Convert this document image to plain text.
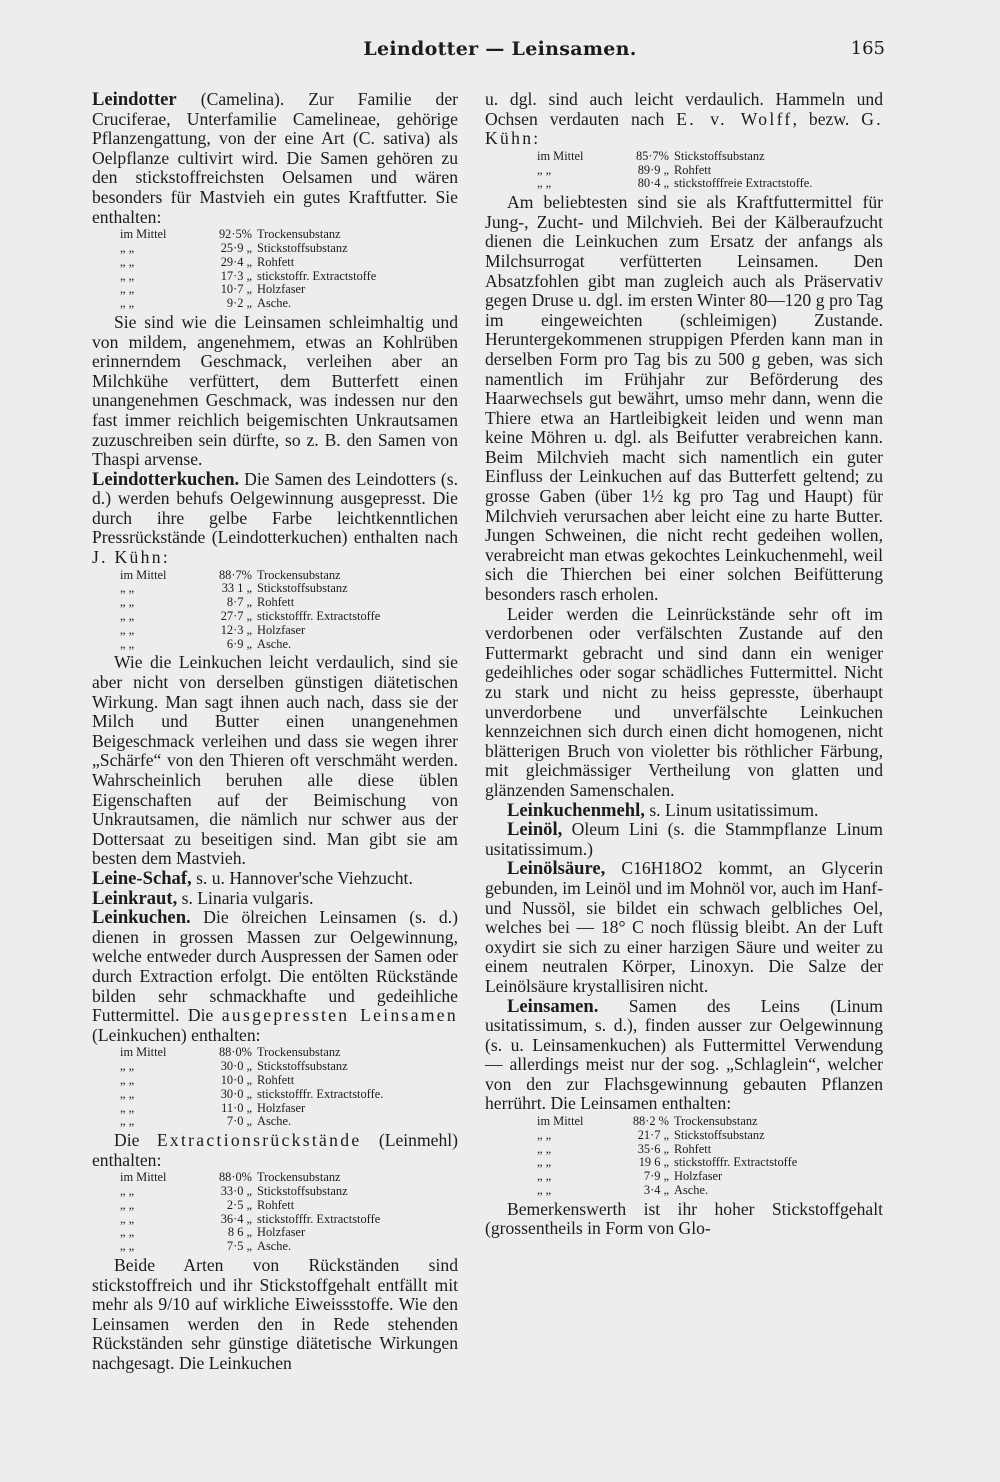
Leindotter — Leinsamen.	165

Leindotter (Camelina). Zur Familie der Cruciferae, Unterfamilie Camelineae, gehörige Pflanzengattung, von der eine Art (C. sativa) als Oelpflanze cultivirt wird. Die Samen gehören zu den stickstoffreichsten Oelsamen und wären besonders für Mastvieh ein gutes Kraftfutter. Sie enthalten:

im Mittel	92·5% Trockensubstanz
„ „	25·9 „ Stickstoffsubstanz
„ „	29·4 „ Rohfett
„ „	17·3 „ stickstoffr. Extractstoffe
„ „	10·7 „ Holzfaser
„ „	9·2 „ Asche.

Sie sind wie die Leinsamen schleimhaltig und von mildem, angenehmem, etwas an Kohlrüben erinnerndem Geschmack, verleihen aber an Milchkühe verfüttert, dem Butterfett einen unangenehmen Geschmack, was indessen nur den fast immer reichlich beigemischten Unkrautsamen zuzuschreiben sein dürfte, so z. B. den Samen von Thaspi arvense.

Leindotterkuchen. Die Samen des Leindotters (s. d.) werden behufs Oelgewinnung ausgepresst. Die durch ihre gelbe Farbe leichtkenntlichen Pressrückstände (Leindotterkuchen) enthalten nach J. Kühn:

im Mittel	88·7% Trockensubstanz
„ „	33 1 „ Stickstoffsubstanz
„ „	8·7 „ Rohfett
„ „	27·7 „ stickstofffr. Extractstoffe
„ „	12·3 „ Holzfaser
„ „	6·9 „ Asche.

Wie die Leinkuchen leicht verdaulich, sind sie aber nicht von derselben günstigen diätetischen Wirkung. Man sagt ihnen auch nach, dass sie der Milch und Butter einen unangenehmen Beigeschmack verleihen und dass sie wegen ihrer „Schärfe“ von den Thieren oft verschmäht werden. Wahrscheinlich beruhen alle diese üblen Eigenschaften auf der Beimischung von Unkrautsamen, die nämlich nur schwer aus der Dottersaat zu beseitigen sind. Man gibt sie am besten dem Mastvieh.

Leine-Schaf, s. u. Hannover'sche Viehzucht.

Leinkraut, s. Linaria vulgaris.

Leinkuchen. Die ölreichen Leinsamen (s. d.) dienen in grossen Massen zur Oelgewinnung, welche entweder durch Auspressen der Samen oder durch Extraction erfolgt. Die entölten Rückstände bilden sehr schmackhafte und gedeihliche Futtermittel. Die ausgepressten Leinsamen (Leinkuchen) enthalten:

im Mittel	88·0% Trockensubstanz
„ „	30·0 „ Stickstoffsubstanz
„ „	10·0 „ Rohfett
„ „	30·0 „ stickstofffr. Extractstoffe.
„ „	11·0 „ Holzfaser
„ „	7·0 „ Asche.

Die Extractionsrückstände (Leinmehl) enthalten:

im Mittel	88·0% Trockensubstanz
„ „	33·0 „ Stickstoffsubstanz
„ „	2·5 „ Rohfett
„ „	36·4 „ stickstofffr. Extractstoffe
„ „	8 6 „ Holzfaser
„ „	7·5 „ Asche.

Beide Arten von Rückständen sind stickstoffreich und ihr Stickstoffgehalt entfällt mit mehr als 9/10 auf wirkliche Eiweissstoffe. Wie den Leinsamen werden den in Rede stehenden Rückständen sehr günstige diätetische Wirkungen nachgesagt. Die Leinkuchen

u. dgl. sind auch leicht verdaulich. Hammeln und Ochsen verdauten nach E. v. Wolff, bezw. G. Kühn:

im Mittel	85·7% Stickstoffsubstanz
„ „	89·9 „ Rohfett
„ „	80·4 „ stickstofffreie Extractstoffe.

Am beliebtesten sind sie als Kraftfuttermittel für Jung-, Zucht- und Milchvieh. Bei der Kälberaufzucht dienen die Leinkuchen zum Ersatz der anfangs als Milchsurrogat verfütterten Leinsamen. Den Absatzfohlen gibt man zugleich auch als Präservativ gegen Druse u. dgl. im ersten Winter 80—120 g pro Tag im eingeweichten (schleimigen) Zustande. Heruntergekommenen struppigen Pferden kann man in derselben Form pro Tag bis zu 500 g geben, was sich namentlich im Frühjahr zur Beförderung des Haarwechsels gut bewährt, umso mehr dann, wenn die Thiere etwa an Hartleibigkeit leiden und wenn man keine Möhren u. dgl. als Beifutter verabreichen kann. Beim Milchvieh macht sich namentlich ein guter Einfluss der Leinkuchen auf das Butterfett geltend; zu grosse Gaben (über 1½ kg pro Tag und Haupt) für Milchvieh verursachen aber leicht eine zu harte Butter. Jungen Schweinen, die nicht recht gedeihen wollen, verabreicht man etwas gekochtes Leinkuchenmehl, weil sich die Thierchen bei einer solchen Beifütterung besonders rasch erholen.

Leider werden die Leinrückstände sehr oft im verdorbenen oder verfälschten Zustande auf den Futtermarkt gebracht und sind dann ein weniger gedeihliches oder sogar schädliches Futtermittel. Nicht zu stark und nicht zu heiss gepresste, überhaupt unverdorbene und unverfälschte Leinkuchen kennzeichnen sich durch einen dicht homogenen, nicht blätterigen Bruch von violetter bis röthlicher Färbung, mit gleichmässiger Vertheilung von glatten und glänzenden Samenschalen.

Leinkuchenmehl, s. Linum usitatissimum.

Leinöl, Oleum Lini (s. die Stammpflanze Linum usitatissimum.)

Leinölsäure, C16H18O2 kommt, an Glycerin gebunden, im Leinöl und im Mohnöl vor, auch im Hanf- und Nussöl, sie bildet ein schwach gelbliches Oel, welches bei — 18° C noch flüssig bleibt. An der Luft oxydirt sie sich zu einer harzigen Säure und weiter zu einem neutralen Körper, Linoxyn. Die Salze der Leinölsäure krystallisiren nicht.

Leinsamen. Samen des Leins (Linum usitatissimum, s. d.), finden ausser zur Oelgewinnung (s. u. Leinsamenkuchen) als Futtermittel Verwendung — allerdings meist nur der sog. „Schlaglein“, welcher von den zur Flachsgewinnung gebauten Pflanzen herrührt. Die Leinsamen enthalten:

im Mittel	88·2 % Trockensubstanz
„ „	21·7 „ Stickstoffsubstanz
„ „	35·6 „ Rohfett
„ „	19 6 „ stickstofffr. Extractstoffe
„ „	7·9 „ Holzfaser
„ „	3·4 „ Asche.

Bemerkenswerth ist ihr hoher Stickstoffgehalt (grossentheils in Form von Glo-
